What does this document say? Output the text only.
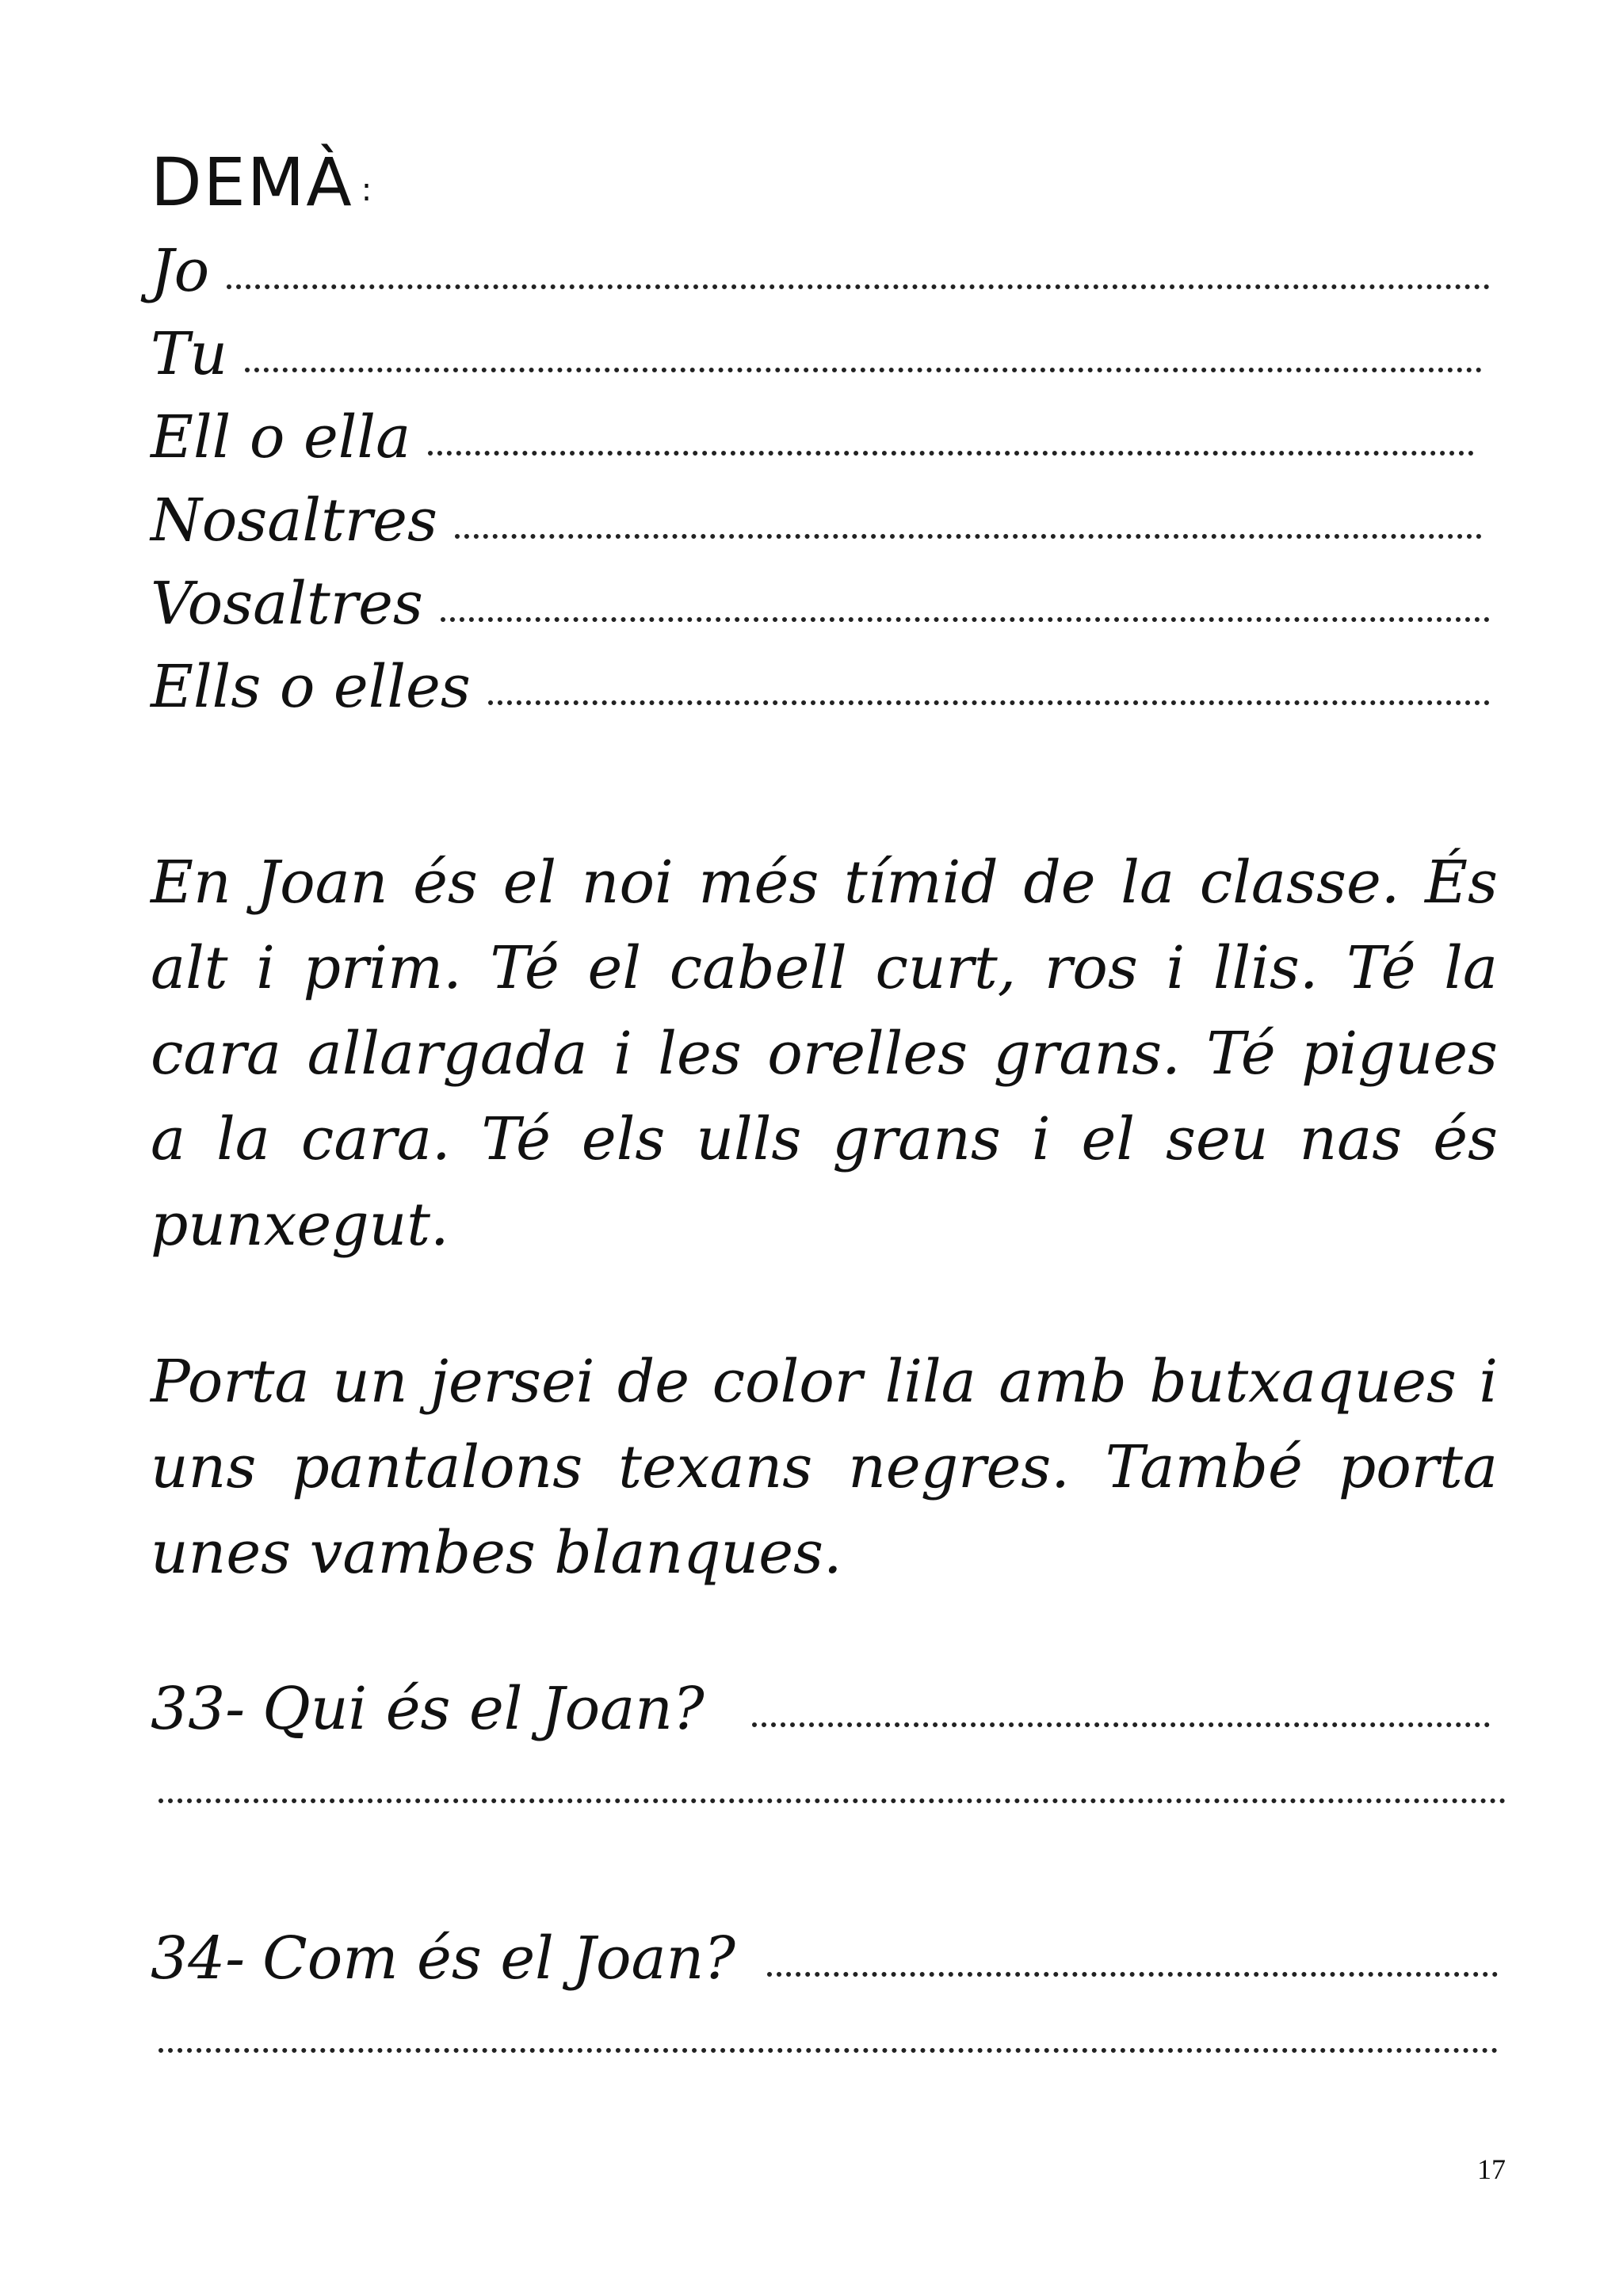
DEMÀ :
Jo
Tu
Ell o ella
Nosaltres
Vosaltres
Ells o elles

En Joan és el noi més tímid de la classe. És alt i prim. Té el cabell curt, ros i llis. Té la cara allargada i les orelles grans. Té pigues a la cara. Té els ulls grans i el seu nas és punxegut.

Porta un jersei de color lila amb butxaques i uns pantalons texans negres. També porta unes vambes blanques.

33- Qui és el Joan?
34- Com és el Joan?
17
